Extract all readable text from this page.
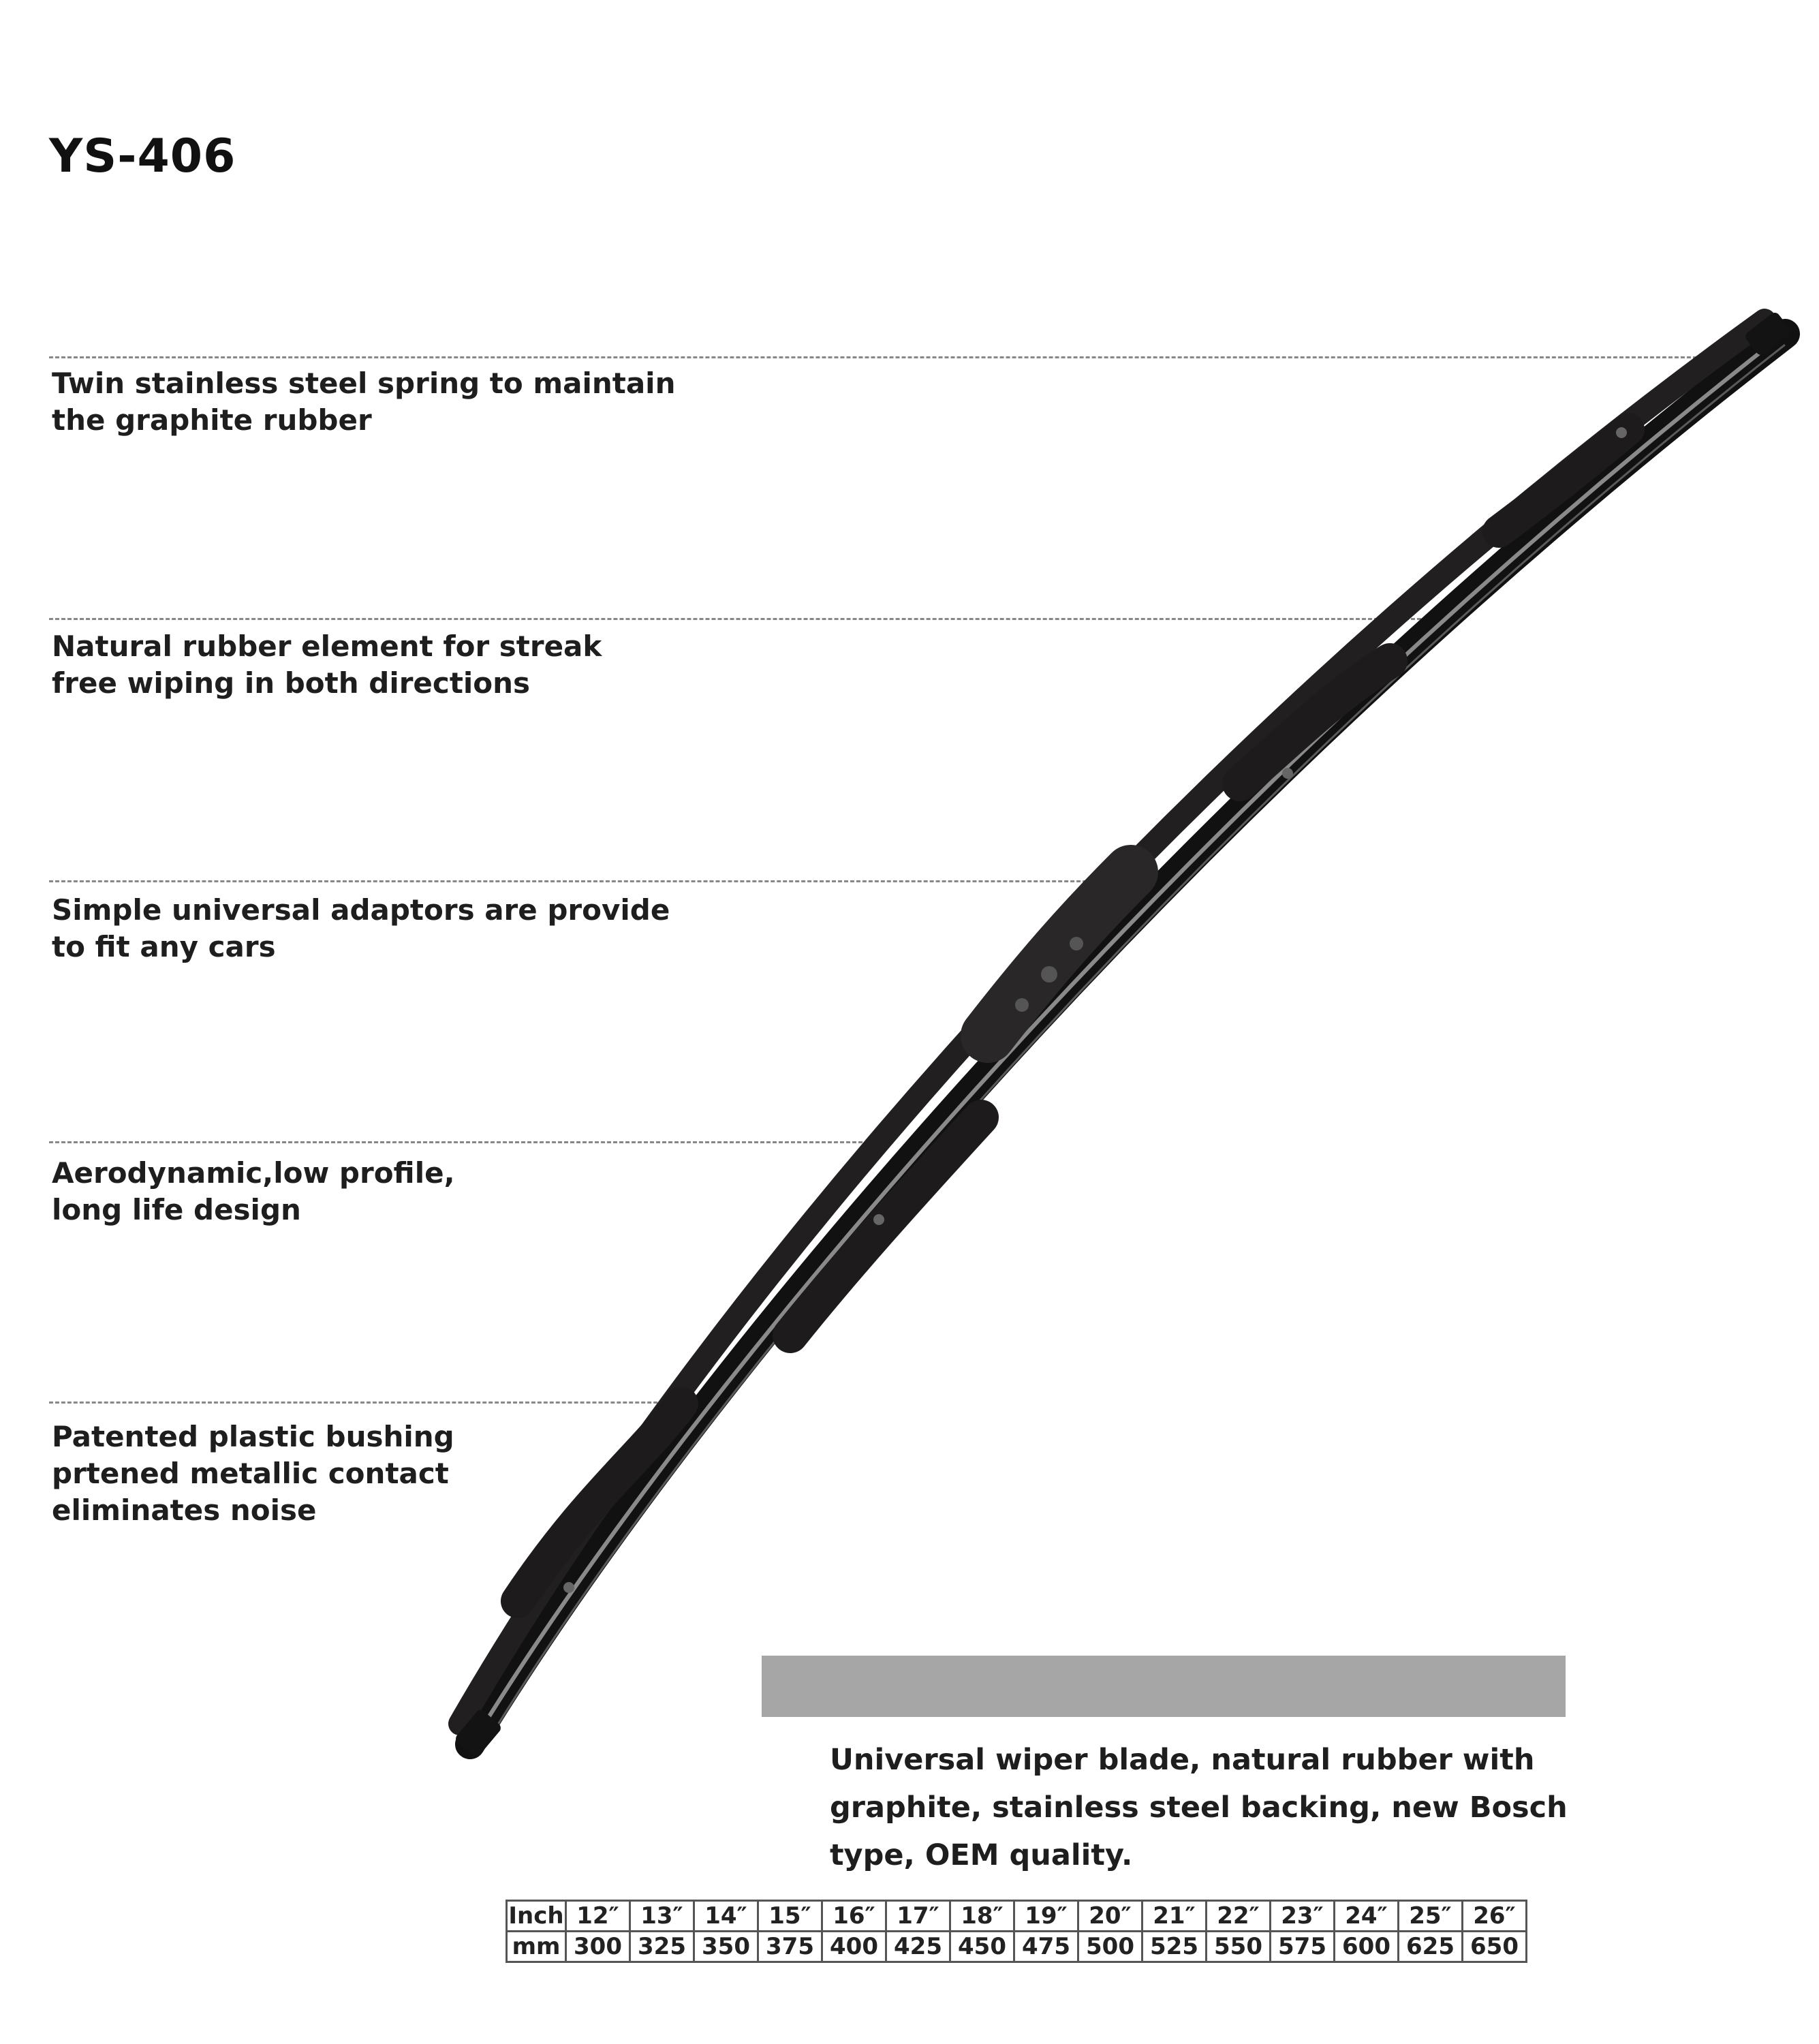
YS-406
Twin stainless steel spring to maintain
the graphite rubber
Natural rubber element for streak
free wiping in both directions
Simple universal adaptors are provide
to fit any cars
Aerodynamic,low profile,
long life design
Patented plastic bushing
prtened metallic contact
eliminates noise
Universal wiper blade, natural rubber with graphite, stainless steel backing, new Bosch type, OEM quality.
Inch	12″	13″	14″	15″	16″	17″	18″	19″	20″	21″	22″	23″	24″	25″	26″
mm	300	325	350	375	400	425	450	475	500	525	550	575	600	625	650
